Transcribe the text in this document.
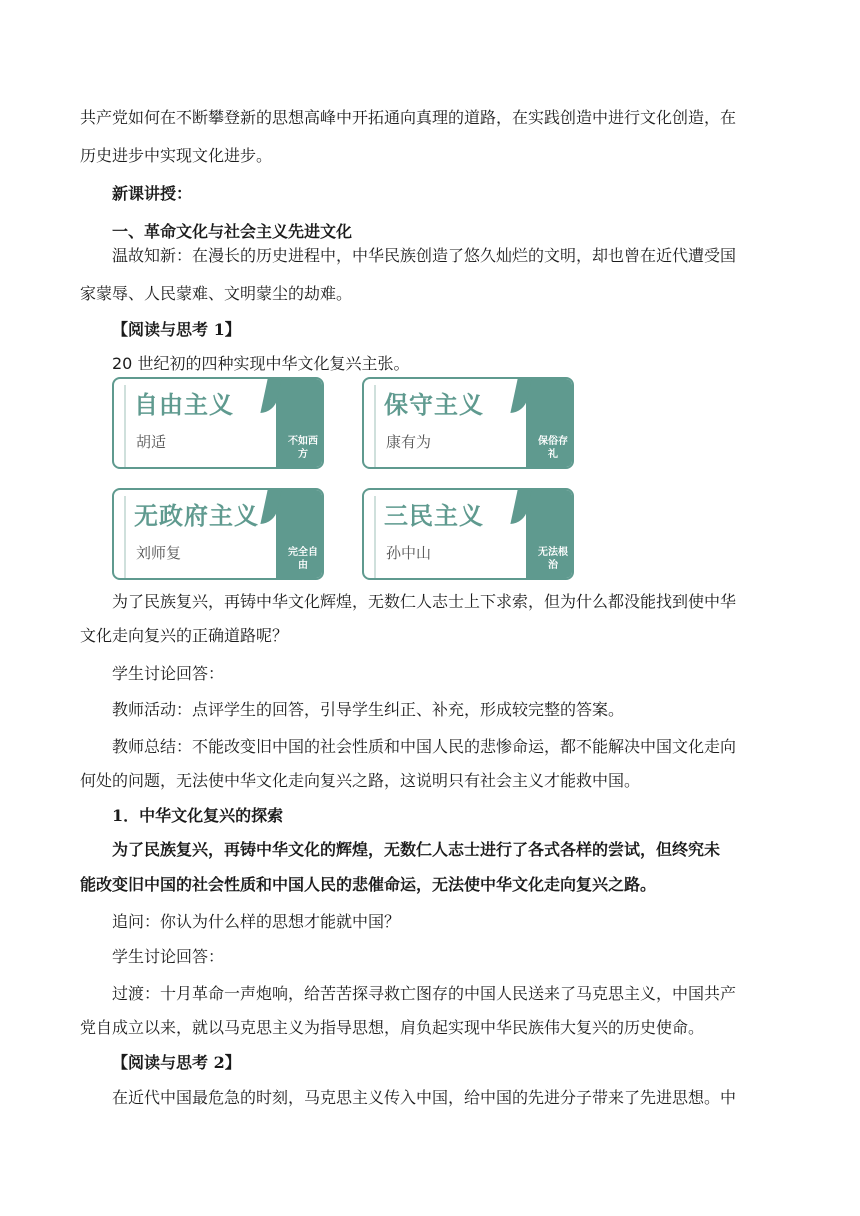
共产党如何在不断攀登新的思想高峰中开拓通向真理的道路，在实践创造中进行文化创造，在
历史进步中实现文化进步。
新课讲授：
一、革命文化与社会主义先进文化
温故知新：在漫长的历史进程中，中华民族创造了悠久灿烂的文明，却也曾在近代遭受国
家蒙辱、人民蒙难、文明蒙尘的劫难。
【阅读与思考 1】
20 世纪初的四种实现中华文化复兴主张。
自由主义
胡适	不如西方
保守主义
康有为	保俗存礼
无政府主义
刘师复	完全自由
三民主义
孙中山	无法根治
为了民族复兴，再铸中华文化辉煌，无数仁人志士上下求索，但为什么都没能找到使中华
文化走向复兴的正确道路呢？
学生讨论回答：
教师活动：点评学生的回答，引导学生纠正、补充，形成较完整的答案。
教师总结：不能改变旧中国的社会性质和中国人民的悲惨命运，都不能解决中国文化走向
何处的问题，无法使中华文化走向复兴之路，这说明只有社会主义才能救中国。
1．中华文化复兴的探索
为了民族复兴，再铸中华文化的辉煌，无数仁人志士进行了各式各样的尝试，但终究未
能改变旧中国的社会性质和中国人民的悲催命运，无法使中华文化走向复兴之路。
追问：你认为什么样的思想才能就中国？
学生讨论回答：
过渡：十月革命一声炮响，给苦苦探寻救亡图存的中国人民送来了马克思主义，中国共产
党自成立以来，就以马克思主义为指导思想，肩负起实现中华民族伟大复兴的历史使命。
【阅读与思考 2】
在近代中国最危急的时刻，马克思主义传入中国，给中国的先进分子带来了先进思想。中
